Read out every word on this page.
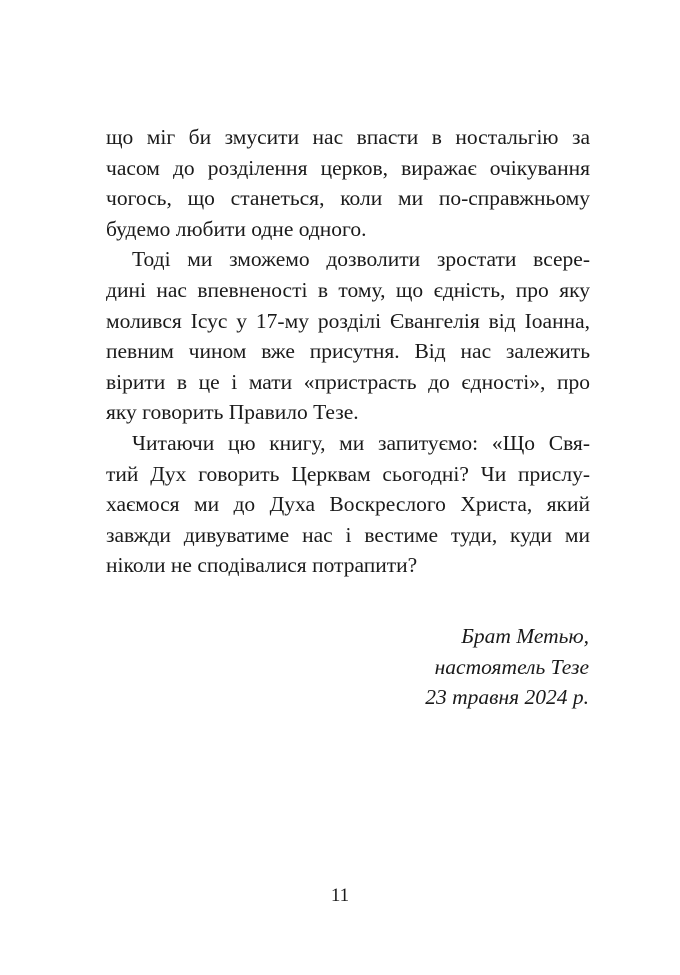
що міг би змусити нас впасти в ностальгію за
часом до розділення церков, виражає очікування
чогось, що станеться, коли ми по-справжньому
будемо любити одне одного.
Тоді ми зможемо дозволити зростати всере-
дині нас впевненості в тому, що єдність, про яку
молився Ісус у 17-му розділі Євангелія від Іоанна,
певним чином вже присутня. Від нас залежить
вірити в це і мати «пристрасть до єдності», про
яку говорить Правило Тезе.
Читаючи цю книгу, ми запитуємо: «Що Свя-
тий Дух говорить Церквам сьогодні? Чи прислу-
хаємося ми до Духа Воскреслого Христа, який
завжди дивуватиме нас і вестиме туди, куди ми
ніколи не сподівалися потрапити?
Брат Метью,
настоятель Тезе
23 травня 2024 р.
11
